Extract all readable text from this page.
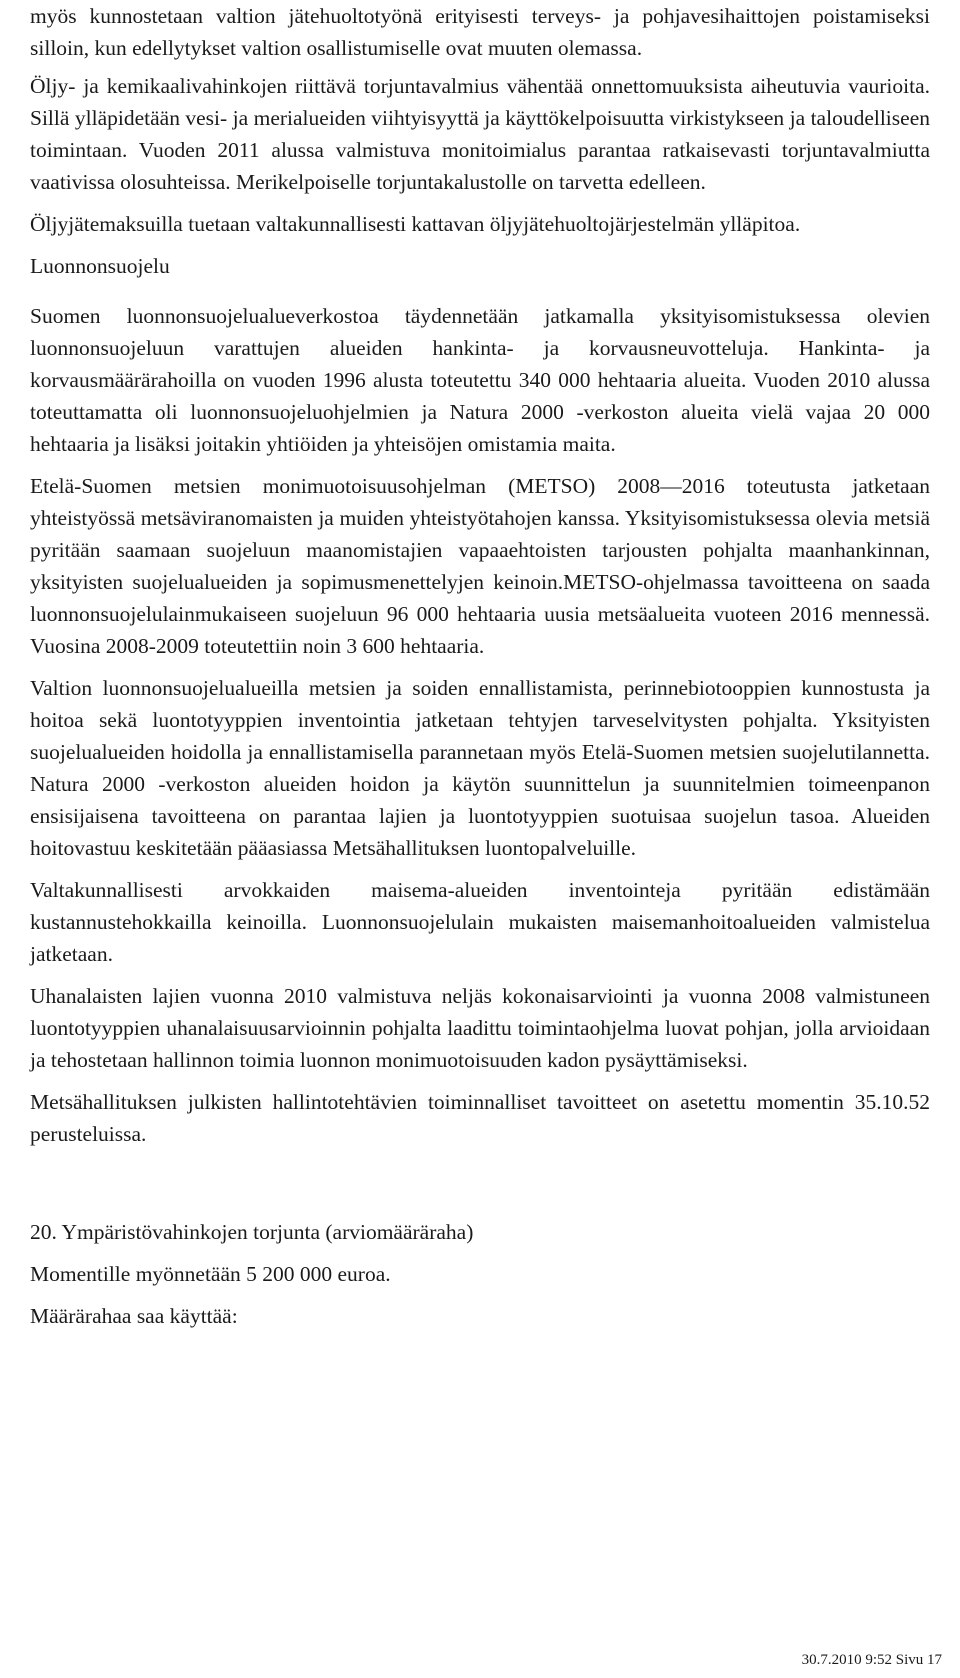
myös kunnostetaan valtion jätehuoltotyönä erityisesti terveys- ja pohjavesihaittojen poistamiseksi silloin, kun edellytykset valtion osallistumiselle ovat muuten olemassa.

Öljy- ja kemikaalivahinkojen riittävä torjuntavalmius vähentää onnettomuuksista aiheutuvia vaurioita. Sillä ylläpidetään vesi- ja merialueiden viihtyisyyttä ja käyttökelpoisuutta virkistykseen ja taloudelliseen toimintaan. Vuoden 2011 alussa valmistuva monitoimialus parantaa ratkaisevasti torjuntavalmiutta vaativissa olosuhteissa. Merikelpoiselle torjuntakalustolle on tarvetta edelleen.

Öljyjätemaksuilla tuetaan valtakunnallisesti kattavan öljyjätehuoltojärjestelmän ylläpitoa.

Luonnonsuojelu

Suomen luonnonsuojelualueverkostoa täydennetään jatkamalla yksityisomistuksessa olevien luonnonsuojeluun varattujen alueiden hankinta- ja korvausneuvotteluja. Hankinta- ja korvausmäärärahoilla on vuoden 1996 alusta toteutettu 340 000 hehtaaria alueita. Vuoden 2010 alussa toteuttamatta oli luonnonsuojeluohjelmien ja Natura 2000 -verkoston alueita vielä vajaa 20 000 hehtaaria ja lisäksi joitakin yhtiöiden ja yhteisöjen omistamia maita.

Etelä-Suomen metsien monimuotoisuusohjelman (METSO) 2008—2016 toteutusta jatketaan yhteistyössä metsäviranomaisten ja muiden yhteistyötahojen kanssa. Yksityisomistuksessa olevia metsiä pyritään saamaan suojeluun maanomistajien vapaaehtoisten tarjousten pohjalta maanhankinnan, yksityisten suojelualueiden ja sopimusmenettelyjen keinoin.METSO-ohjelmassa tavoitteena on saada luonnonsuojelulainmukaiseen suojeluun 96 000 hehtaaria uusia metsäalueita vuoteen 2016 mennessä. Vuosina 2008-2009 toteutettiin noin 3 600 hehtaaria.

Valtion luonnonsuojelualueilla metsien ja soiden ennallistamista, perinnebiotooppien kunnostusta ja hoitoa sekä luontotyyppien inventointia jatketaan tehtyjen tarveselvitysten pohjalta. Yksityisten suojelualueiden hoidolla ja ennallistamisella parannetaan myös Etelä-Suomen metsien suojelutilannetta. Natura 2000 -verkoston alueiden hoidon ja käytön suunnittelun ja suunnitelmien toimeenpanon ensisijaisena tavoitteena on parantaa lajien ja luontotyyppien suotuisaa suojelun tasoa. Alueiden hoitovastuu keskitetään pääasiassa Metsähallituksen luontopalveluille.

Valtakunnallisesti arvokkaiden maisema-alueiden inventointeja pyritään edistämään kustannustehokkailla keinoilla. Luonnonsuojelulain mukaisten maisemanhoitoalueiden valmistelua jatketaan.

Uhanalaisten lajien vuonna 2010 valmistuva neljäs kokonaisarviointi ja vuonna 2008 valmistuneen luontotyyppien uhanalaisuusarvioinnin pohjalta laadittu toimintaohjelma luovat pohjan, jolla arvioidaan ja tehostetaan hallinnon toimia luonnon monimuotoisuuden kadon pysäyttämiseksi.

Metsähallituksen julkisten hallintotehtävien toiminnalliset tavoitteet on asetettu momentin 35.10.52 perusteluissa.

20. Ympäristövahinkojen torjunta (arviomääräraha)

Momentille myönnetään 5 200 000 euroa.

Määrärahaa saa käyttää:

30.7.2010 9:52 Sivu 17
